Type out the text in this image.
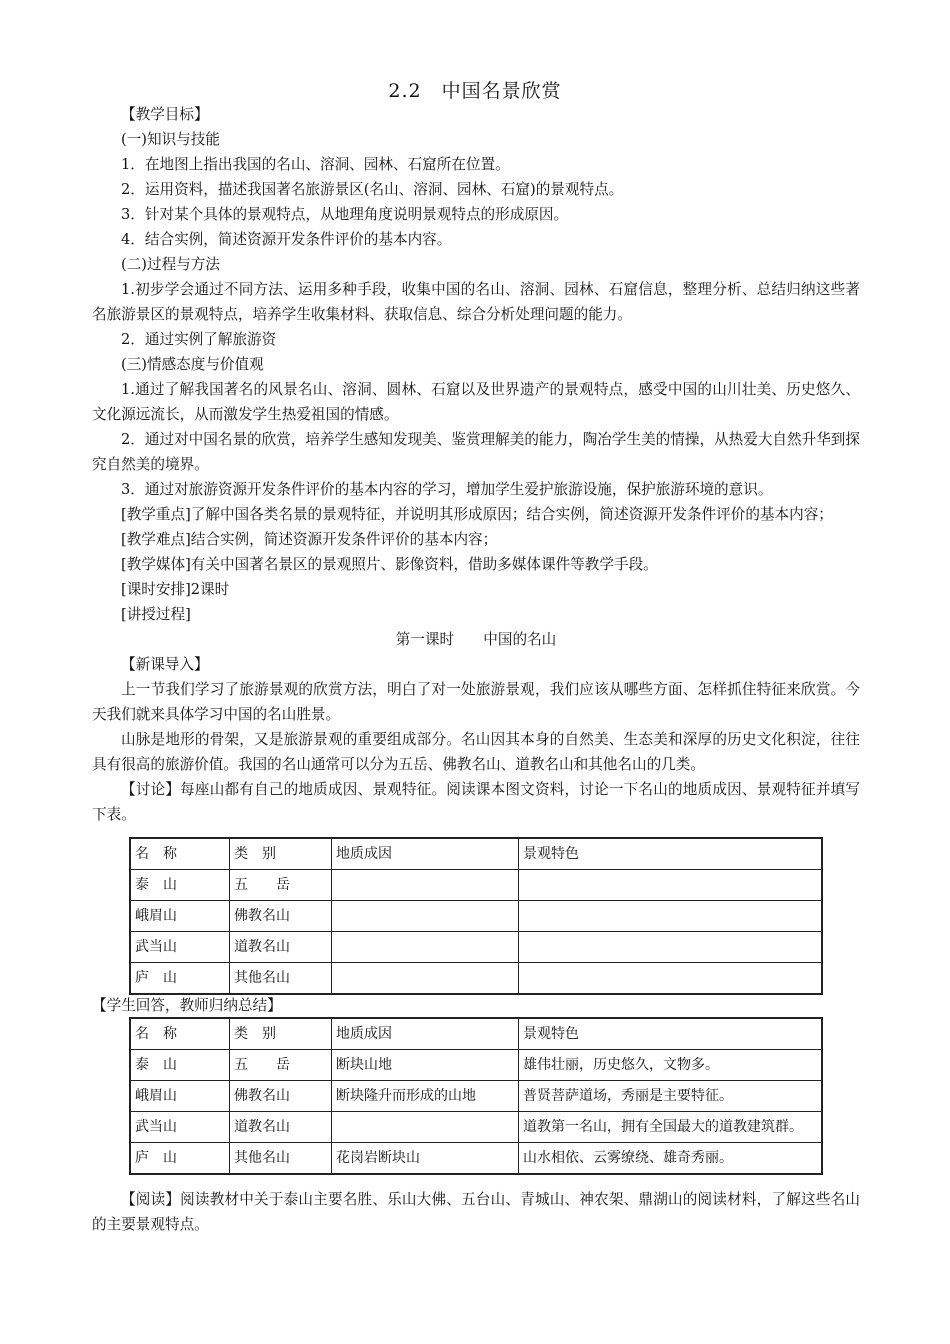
2.2　中国名景欣赏

【教学目标】

(一)知识与技能

1．在地图上指出我国的名山、溶洞、园林、石窟所在位置。

2．运用资料，描述我国著名旅游景区(名山、溶洞、园林、石窟)的景观特点。

3．针对某个具体的景观特点，从地理角度说明景观特点的形成原因。

4．结合实例，简述资源开发条件评价的基本内容。

(二)过程与方法

1.初步学会通过不同方法、运用多种手段，收集中国的名山、溶洞、园林、石窟信息，整理分析、总结归纳这些著名旅游景区的景观特点，培养学生收集材料、获取信息、综合分析处理问题的能力。

2．通过实例了解旅游资

(三)情感态度与价值观

1.通过了解我国著名的风景名山、溶洞、圆林、石窟以及世界遗产的景观特点，感受中国的山川壮美、历史悠久、文化源远流长，从而激发学生热爱祖国的情感。

2．通过对中国名景的欣赏，培养学生感知发现美、鉴赏理解美的能力，陶冶学生美的情操，从热爱大自然升华到探究自然美的境界。

3．通过对旅游资源开发条件评价的基本内容的学习，增加学生爱护旅游设施，保护旅游环境的意识。

[教学重点]了解中国各类名景的景观特征，并说明其形成原因；结合实例，简述资源开发条件评价的基本内容；

[教学难点]结合实例，简述资源开发条件评价的基本内容；

[教学媒体]有关中国著名景区的景观照片、影像资料，借助多媒体课件等教学手段。

[课时安排]2课时

[讲授过程]

第一课时　　中国的名山

【新课导入】

上一节我们学习了旅游景观的欣赏方法，明白了对一处旅游景观，我们应该从哪些方面、怎样抓住特征来欣赏。今天我们就来具体学习中国的名山胜景。

山脉是地形的骨架，又是旅游景观的重要组成部分。名山因其本身的自然美、生态美和深厚的历史文化积淀，往往具有很高的旅游价值。我国的名山通常可以分为五岳、佛教名山、道教名山和其他名山的几类。

【讨论】每座山都有自己的地质成因、景观特征。阅读课本图文资料，讨论一下名山的地质成因、景观特征并填写下表。

名　称	类　别	地质成因	景观特色
泰　山	五　　岳		
峨眉山	佛教名山		
武当山	道教名山		
庐　山	其他名山		

【学生回答，教师归纳总结】

名　称	类　别	地质成因	景观特色
泰　山	五　　岳	断块山地	雄伟壮丽，历史悠久，文物多。
峨眉山	佛教名山	断块隆升而形成的山地	普贤菩萨道场，秀丽是主要特征。
武当山	道教名山		道教第一名山，拥有全国最大的道教建筑群。
庐　山	其他名山	花岗岩断块山	山水相依、云雾缭绕、雄奇秀丽。

【阅读】阅读教材中关于泰山主要名胜、乐山大佛、五台山、青城山、神农架、鼎湖山的阅读材料，了解这些名山的主要景观特点。
